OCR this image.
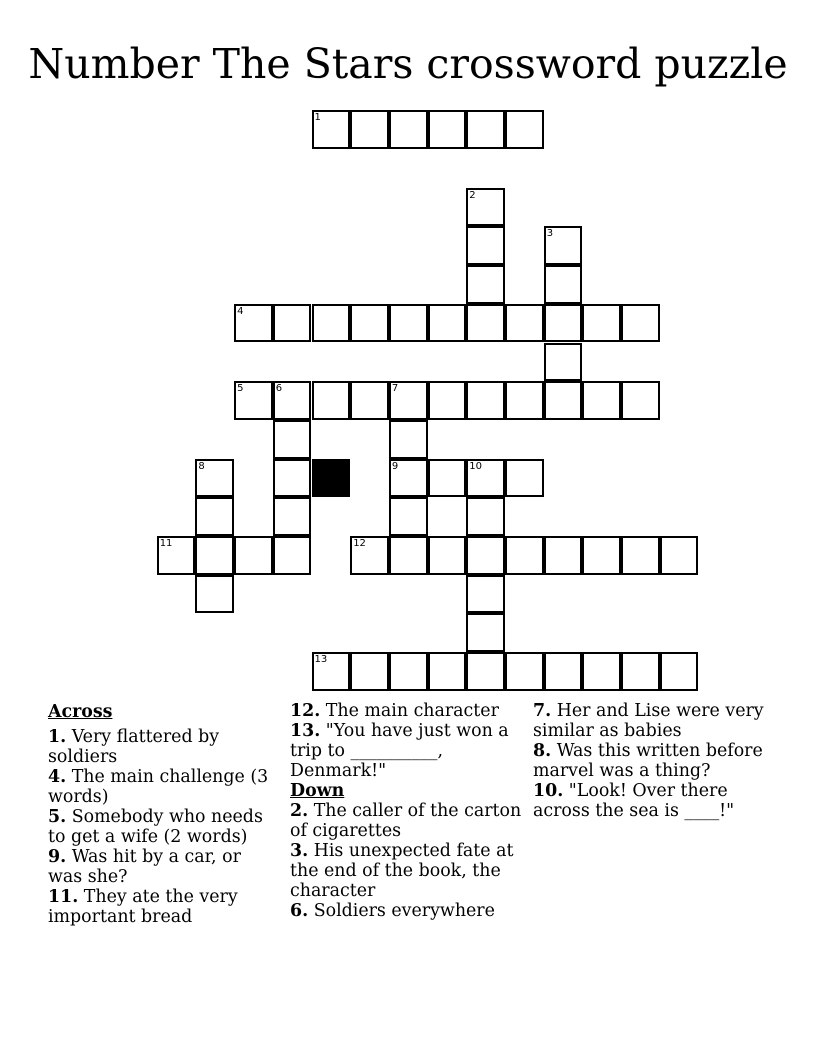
Number The Stars crossword puzzle
1
2
3
4
5	6	7
9
8	10
11	12
13

Across

1. Very flattered by soldiers

4. The main challenge (3 words)

5. Somebody who needs to get a wife (2 words)

9. Was hit by a car, or was she?

11. They ate the very important bread

12. The main character

13. "You have just won a trip to __________, Denmark!"

Down

2. The caller of the carton of cigarettes

3. His unexpected fate at the end of the book, the character

6. Soldiers everywhere

7. Her and Lise were very similar as babies

8. Was this written before marvel was a thing?

10. "Look! Over there across the sea is ____!"
